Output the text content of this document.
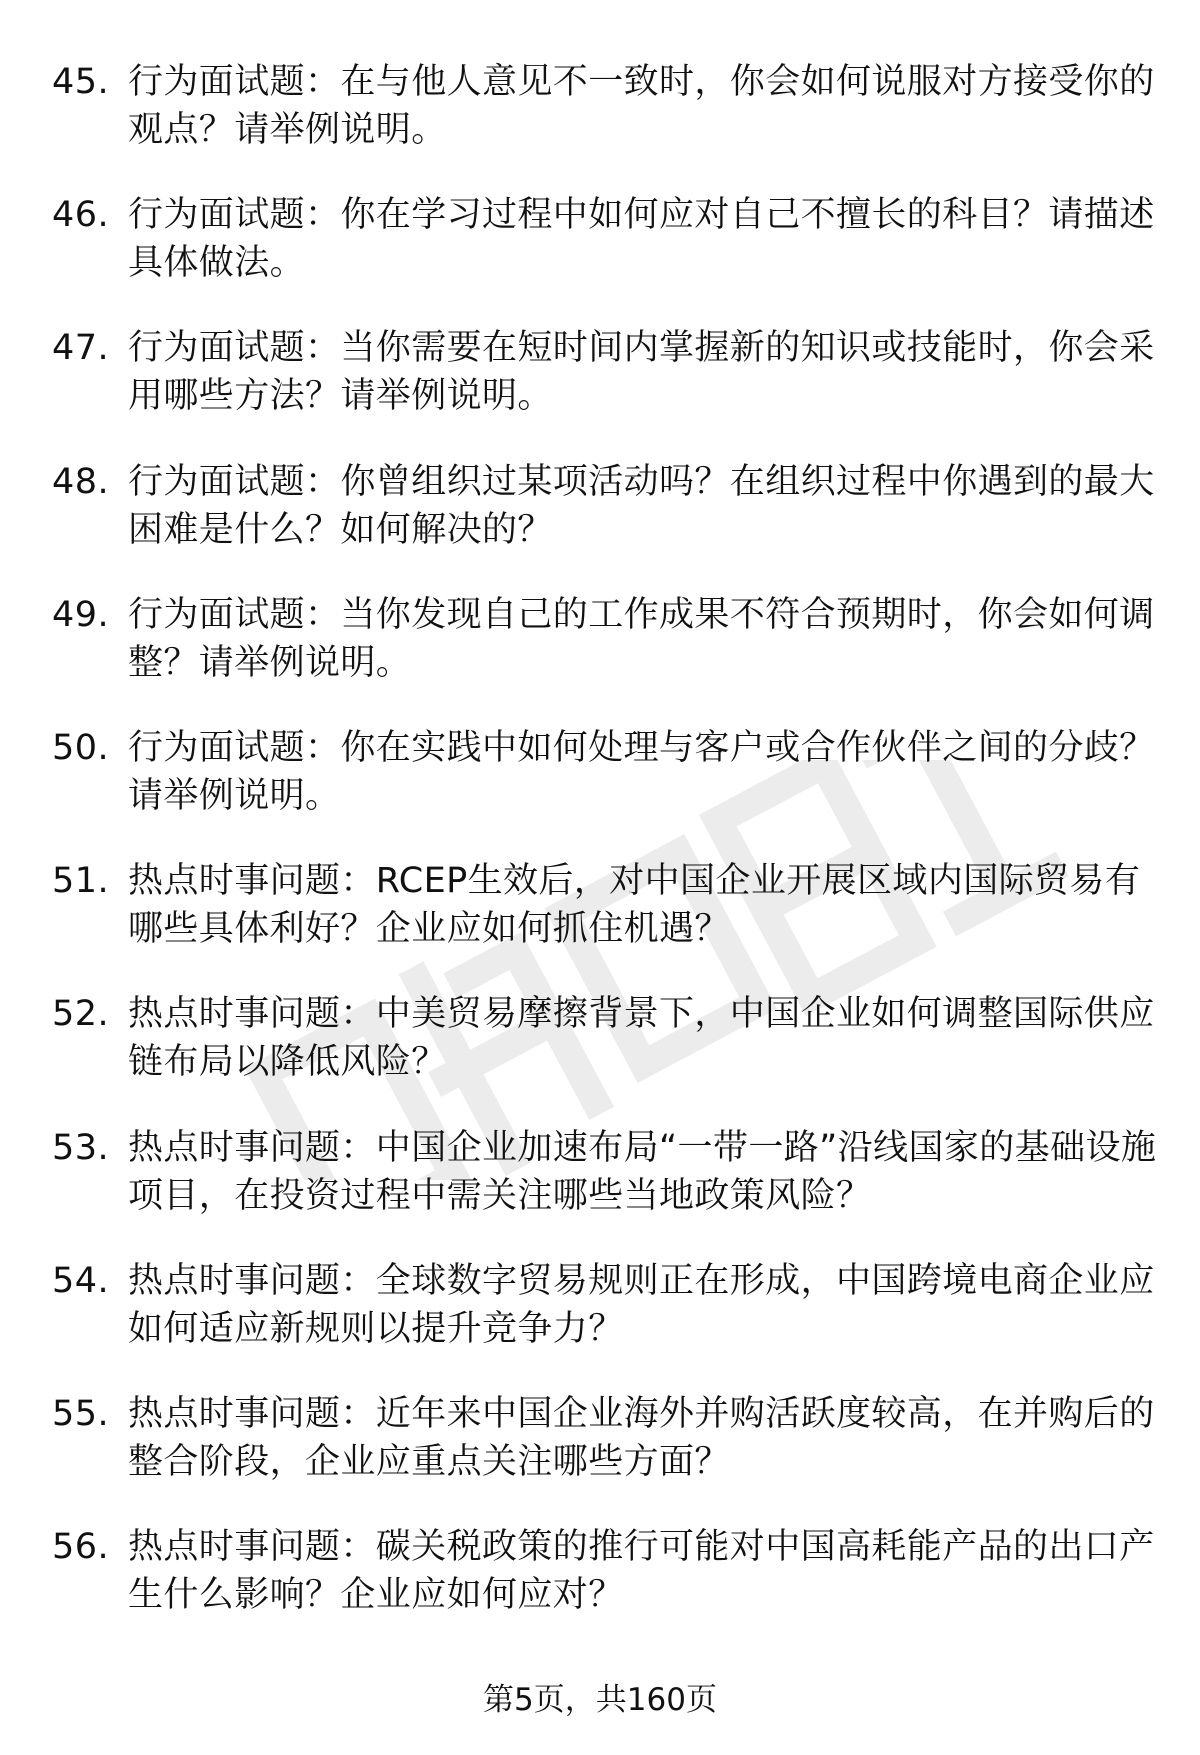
45. 行为面试题：在与他人意见不一致时，你会如何说服对方接受你的观点？请举例说明。
46. 行为面试题：你在学习过程中如何应对自己不擅长的科目？请描述具体做法。
47. 行为面试题：当你需要在短时间内掌握新的知识或技能时，你会采用哪些方法？请举例说明。
48. 行为面试题：你曾组织过某项活动吗？在组织过程中你遇到的最大困难是什么？如何解决的？
49. 行为面试题：当你发现自己的工作成果不符合预期时，你会如何调整？请举例说明。
50. 行为面试题：你在实践中如何处理与客户或合作伙伴之间的分歧？请举例说明。
51. 热点时事问题：RCEP生效后，对中国企业开展区域内国际贸易有哪些具体利好？企业应如何抓住机遇？
52. 热点时事问题：中美贸易摩擦背景下，中国企业如何调整国际供应链布局以降低风险？
53. 热点时事问题：中国企业加速布局“一带一路”沿线国家的基础设施项目，在投资过程中需关注哪些当地政策风险？
54. 热点时事问题：全球数字贸易规则正在形成，中国跨境电商企业应如何适应新规则以提升竞争力？
55. 热点时事问题：近年来中国企业海外并购活跃度较高，在并购后的整合阶段，企业应重点关注哪些方面？
56. 热点时事问题：碳关税政策的推行可能对中国高耗能产品的出口产生什么影响？企业应如何应对？
第5页，共160页
